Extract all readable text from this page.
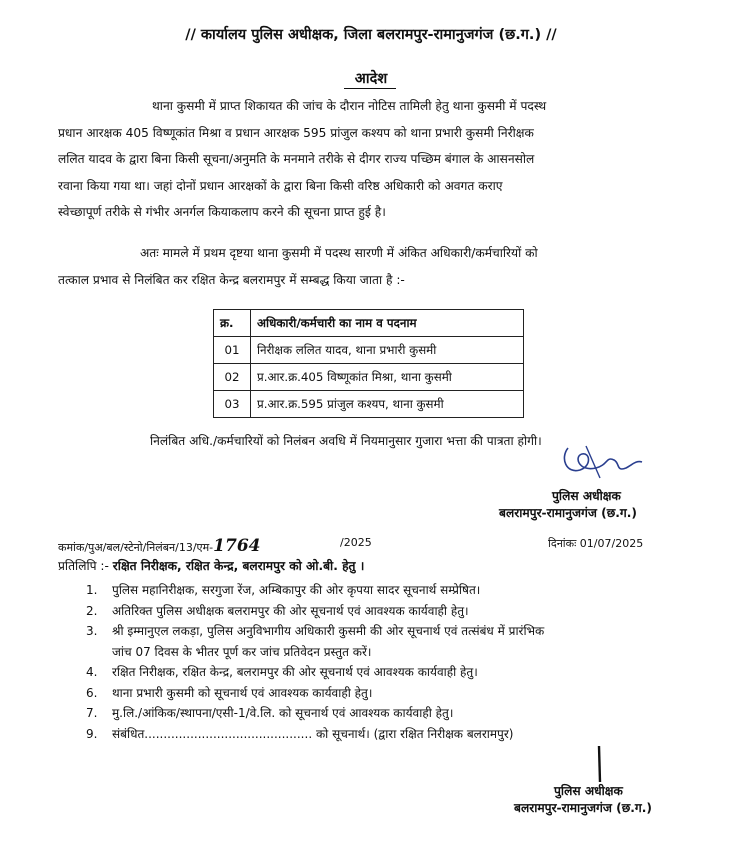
// कार्यालय पुलिस अधीक्षक, जिला बलरामपुर-रामानुजगंज (छ.ग.) //
आदेश
थाना कुसमी में प्राप्त शिकायत की जांच के दौरान नोटिस तामिली हेतु थाना कुसमी में पदस्थ
प्रधान आरक्षक 405 विष्णूकांत मिश्रा व प्रधान आरक्षक 595 प्रांजुल कश्यप को थाना प्रभारी कुसमी निरीक्षक
ललित यादव के द्वारा बिना किसी सूचना/अनुमति के मनमाने तरीके से दीगर राज्य पच्छिम बंगाल के आसनसोल
रवाना किया गया था। जहां दोनों प्रधान आरक्षकों के द्वारा बिना किसी वरिष्ठ अधिकारी को अवगत कराए
स्वेच्छापूर्ण तरीके से गंभीर अनर्गल कियाकलाप करने की सूचना प्राप्त हुई है।
अतः मामले में प्रथम दृष्टया थाना कुसमी में पदस्थ सारणी में अंकित अधिकारी/कर्मचारियों को
तत्काल प्रभाव से निलंबित कर रक्षित केन्द्र बलरामपुर में सम्बद्ध किया जाता है :-
क्र.	अधिकारी/कर्मचारी का नाम व पदनाम
01	निरीक्षक ललित यादव, थाना प्रभारी कुसमी
02	प्र.आर.क्र.405 विष्णूकांत मिश्रा, थाना कुसमी
03	प्र.आर.क्र.595 प्रांजुल कश्यप, थाना कुसमी
निलंबित अधि./कर्मचारियों को निलंबन अवधि में नियमानुसार गुजारा भत्ता की पात्रता होगी।
पुलिस अधीक्षक
बलरामपुर-रामानुजगंज (छ.ग.)
कमांक/पुअ/बल/स्टेनो/निलंबन/13/एम-1764	/2025	दिनांकः 01/07/2025
प्रतिलिपि :- रक्षित निरीक्षक, रक्षित केन्द्र, बलरामपुर को ओ.बी. हेतु ।
1.	पुलिस महानिरीक्षक, सरगुजा रेंज, अम्बिकापुर की ओर कृपया सादर सूचनार्थ सम्प्रेषित।
2.	अतिरिक्त पुलिस अधीक्षक बलरामपुर की ओर सूचनार्थ एवं आवश्यक कार्यवाही हेतु।
3.	श्री इम्मानुएल लकड़ा, पुलिस अनुविभागीय अधिकारी कुसमी की ओर सूचनार्थ एवं तत्संबंध में प्रारंभिक
जांच 07 दिवस के भीतर पूर्ण कर जांच प्रतिवेदन प्रस्तुत करें।
4.	रक्षित निरीक्षक, रक्षित केन्द्र, बलरामपुर की ओर सूचनार्थ एवं आवश्यक कार्यवाही हेतु।
6.	थाना प्रभारी कुसमी को सूचनार्थ एवं आवश्यक कार्यवाही हेतु।
7.	मु.लि./आंकिक/स्थापना/एसी-1/वे.लि. को सूचनार्थ एवं आवश्यक कार्यवाही हेतु।
9.	संबंधित............................................ को सूचनार्थ। (द्वारा रक्षित निरीक्षक बलरामपुर)
पुलिस अधीक्षक
बलरामपुर-रामानुजगंज (छ.ग.)
